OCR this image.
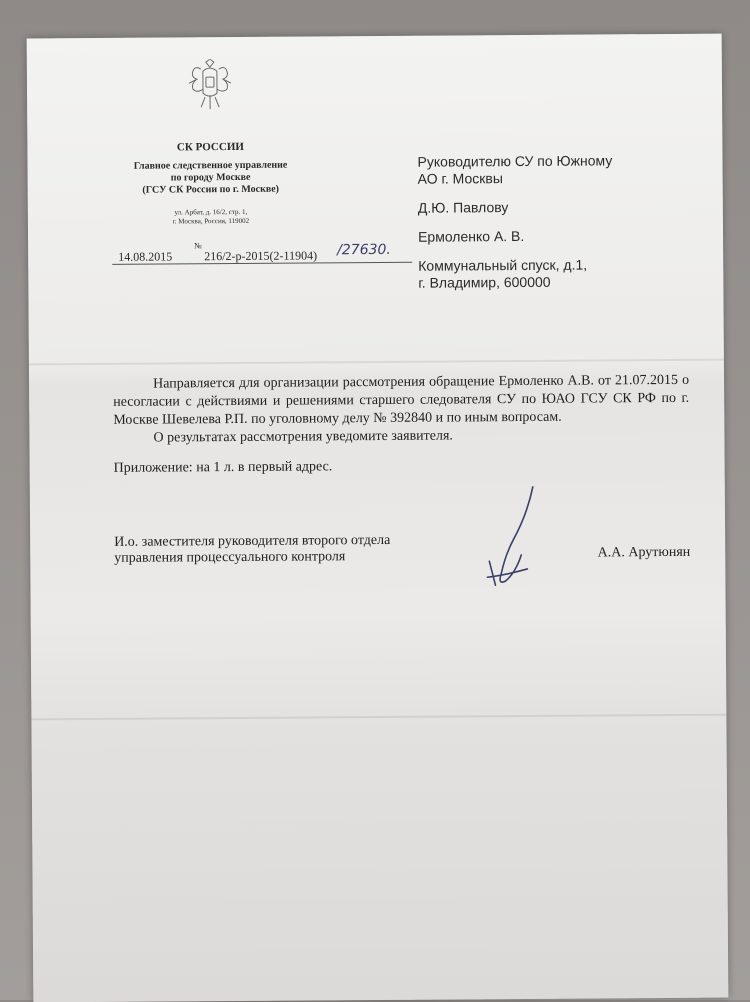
СК РОССИИ
Главное следственное управление
по городу Москве
(ГСУ СК России по г. Москве)
ул. Арбат, д. 16/2, стр. 1,
г. Москва, Россия, 119002
14.08.2015
№
216/2-р-2015(2-11904) /27630.
Руководителю СУ по Южному
АО г. Москвы
Д.Ю. Павлову
Ермоленко А. В.
Коммунальный спуск, д.1,
г. Владимир, 600000
Направляется для организации рассмотрения обращение Ермоленко А.В. от 21.07.2015 о несогласии с действиями и решениями старшего следователя СУ по ЮАО ГСУ СК РФ по г. Москве Шевелева Р.П. по уголовному делу № 392840 и по иным вопросам.
О результатах рассмотрения уведомите заявителя.
Приложение: на 1 л. в первый адрес.
И.о. заместителя руководителя второго отдела
управления процессуального контроля	А.А. Арутюнян
